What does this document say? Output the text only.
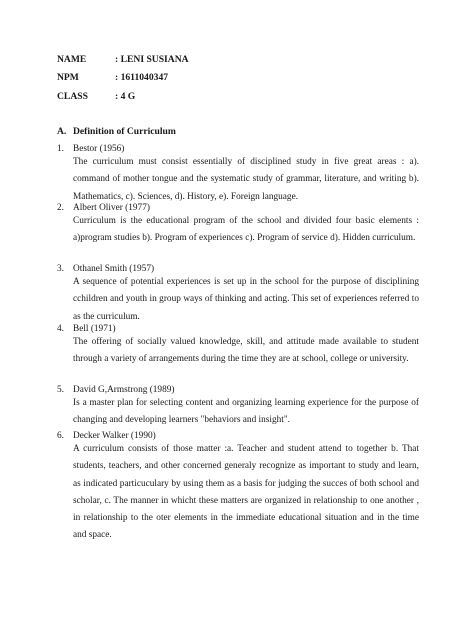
NAME	: LENI SUSIANA
NPM	: 1611040347
CLASS	: 4 G
A. Definition of Curriculum
1. Bestor (1956)
The curriculum must consist essentially of disciplined study in five great areas : a). command of mother tongue and the systematic study of grammar, literature, and writing b). Mathematics, c). Sciences, d). History, e). Foreign language.
2. Albert Oliver (1977)
Curriculum is the educational program of the school and divided four basic elements : a)program studies b). Program of experiences c). Program of service d). Hidden curriculum.
3. Othanel Smith (1957)
A sequence of potential experiences is set up in the school for the purpose of disciplining cchildren and youth in group ways of thinking and acting. This set of experiences referred to as the curriculum.
4. Bell (1971)
The offering of socially valued knowledge, skill, and attitude made available to student through a variety of arrangements during the time they are at school, college or university.
5. David G,Armstrong (1989)
Is a master plan for selecting content and organizing learning experience for the purpose of changing and developing learners "behaviors and insight".
6. Decker Walker (1990)
A curriculum consists of those matter :a. Teacher and student attend to together b. That students, teachers, and other concerned generaly recognize as important to study and learn, as indicated particuculary by using them as a basis for judging the succes of both school and scholar, c. The manner in whicht these matters are organized in relationship to one another , in relationship to the oter elements in the immediate educational situation and in the time and space.
